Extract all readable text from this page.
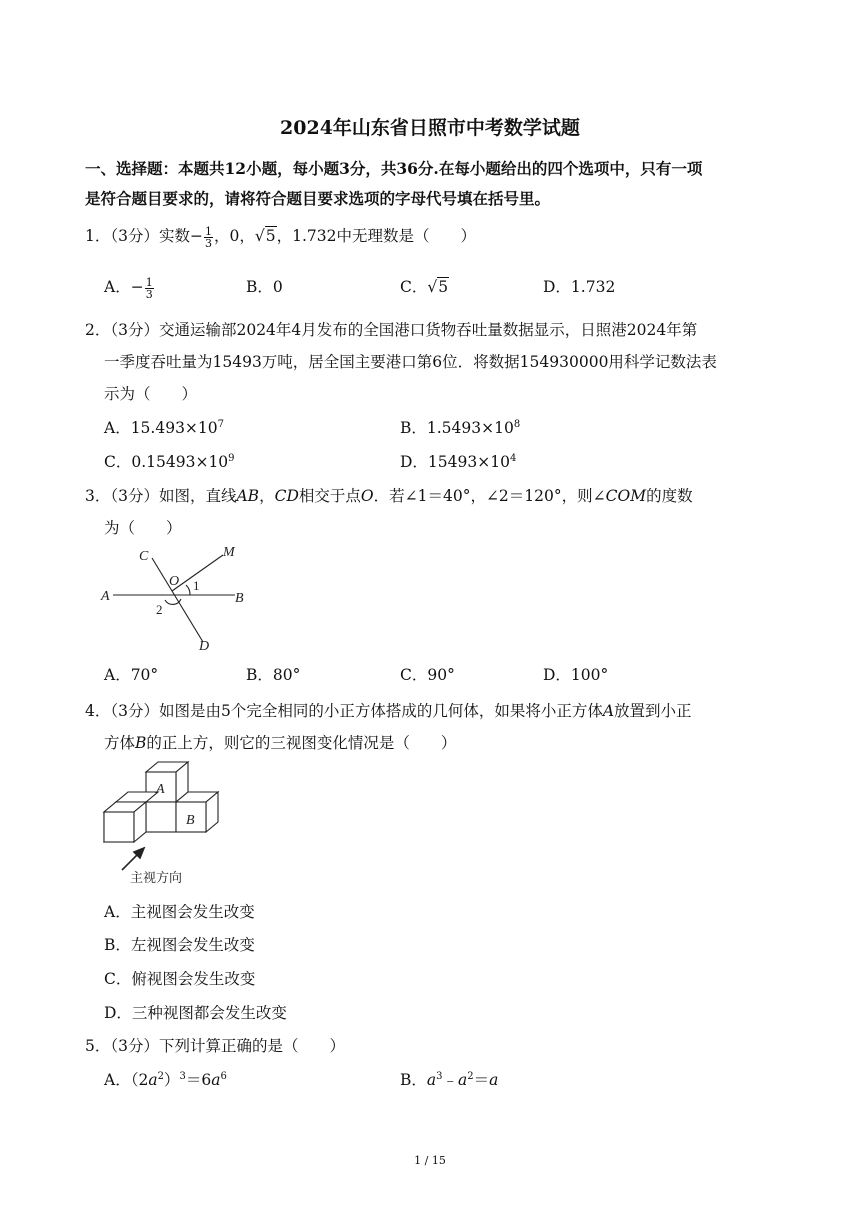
2024年山东省日照市中考数学试题
一、选择题：本题共12小题，每小题3分，共36分.在每小题给出的四个选项中，只有一项
是符合题目要求的，请将符合题目要求选项的字母代号填在括号里。
1．（3分）实数− $\frac{1}{3}$ ，0，√5，1.732中无理数是（　　）
A．− $\frac{1}{3}$	B．0	C．√5	D．1.732
2．（3分）交通运输部2024年4月发布的全国港口货物吞吐量数据显示，日照港2024年第
一季度吞吐量为15493万吨，居全国主要港口第6位．将数据154930000用科学记数法表
示为（　　）
A．$15.493\times 10^7$	B．$1.5493\times 10^8$
C．$0.15493\times 10^9$	D．$15493\times 10^4$
3．（3分）如图，直线AB，CD相交于点O．若∠1＝40°，∠2＝120°，则∠COM的度数
为（　　）
C	M
O
A	B
D
1
2
A．70°	B．80°	C．90°	D．100°
4．（3分）如图是由5个完全相同的小正方体搭成的几何体，如果将小正方体A放置到小正
方体B的正上方，则它的三视图变化情况是（　　）
A
B
主视方向
A．主视图会发生改变
B．左视图会发生改变
C．俯视图会发生改变
D．三种视图都会发生改变
5．（3分）下列计算正确的是（　　）
A．$(2a^2)^3=6a^6$	B．$a^3﹣a^2=a$
1 / 15
